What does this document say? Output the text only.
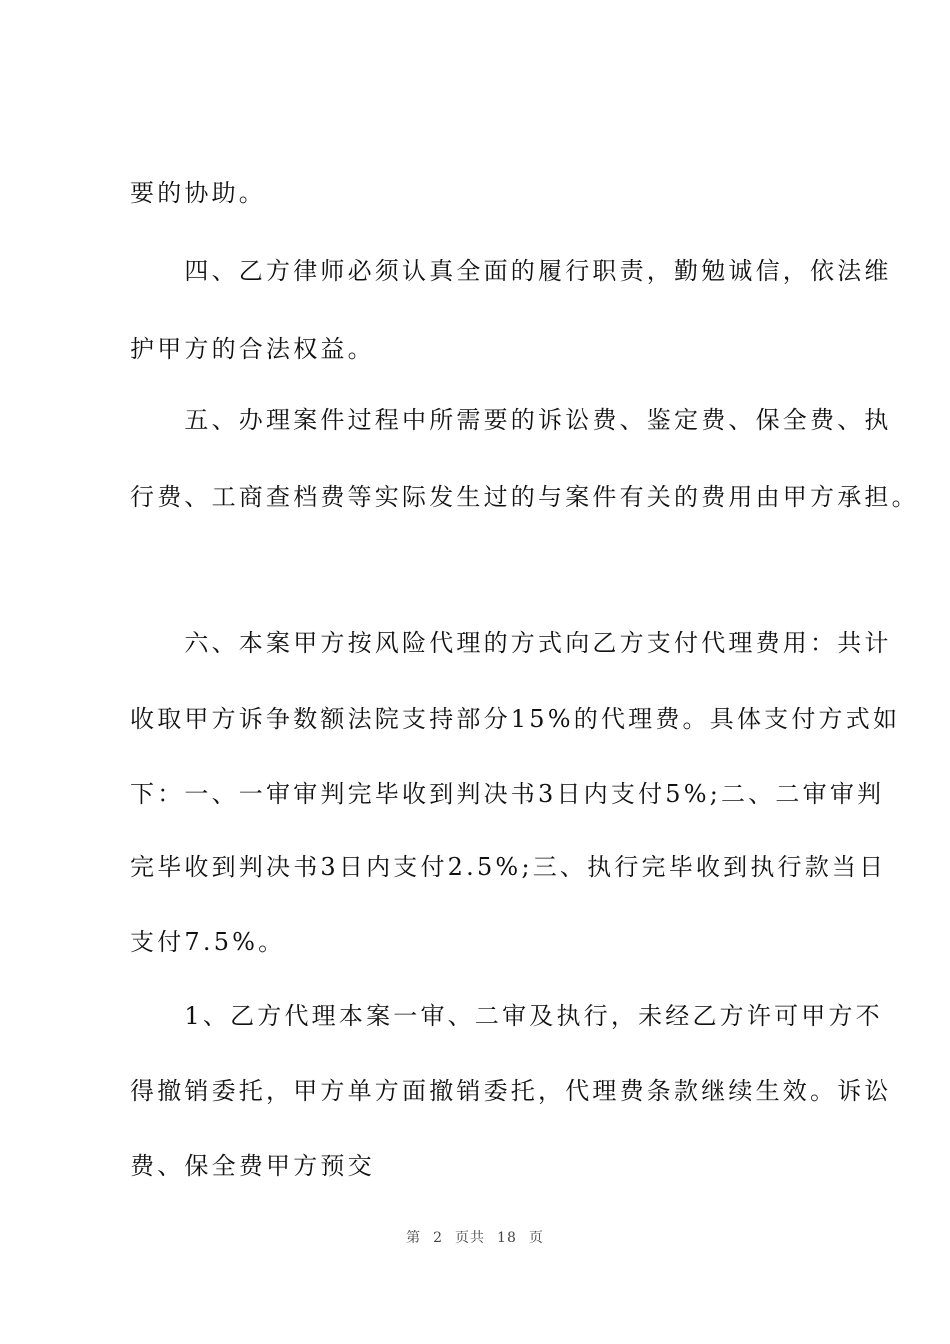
要的协助。
　　四、乙方律师必须认真全面的履行职责，勤勉诚信，依法维
护甲方的合法权益。
　　五、办理案件过程中所需要的诉讼费、鉴定费、保全费、执
行费、工商查档费等实际发生过的与案件有关的费用由甲方承担。
　　六、本案甲方按风险代理的方式向乙方支付代理费用：共计
收取甲方诉争数额法院支持部分15%的代理费。具体支付方式如
下：一、一审审判完毕收到判决书3日内支付5%;二、二审审判
完毕收到判决书3日内支付2.5%;三、执行完毕收到执行款当日
支付7.5%。
　　1、乙方代理本案一审、二审及执行，未经乙方许可甲方不
得撤销委托，甲方单方面撤销委托，代理费条款继续生效。诉讼
费、保全费甲方预交
第 2 页共 18 页
